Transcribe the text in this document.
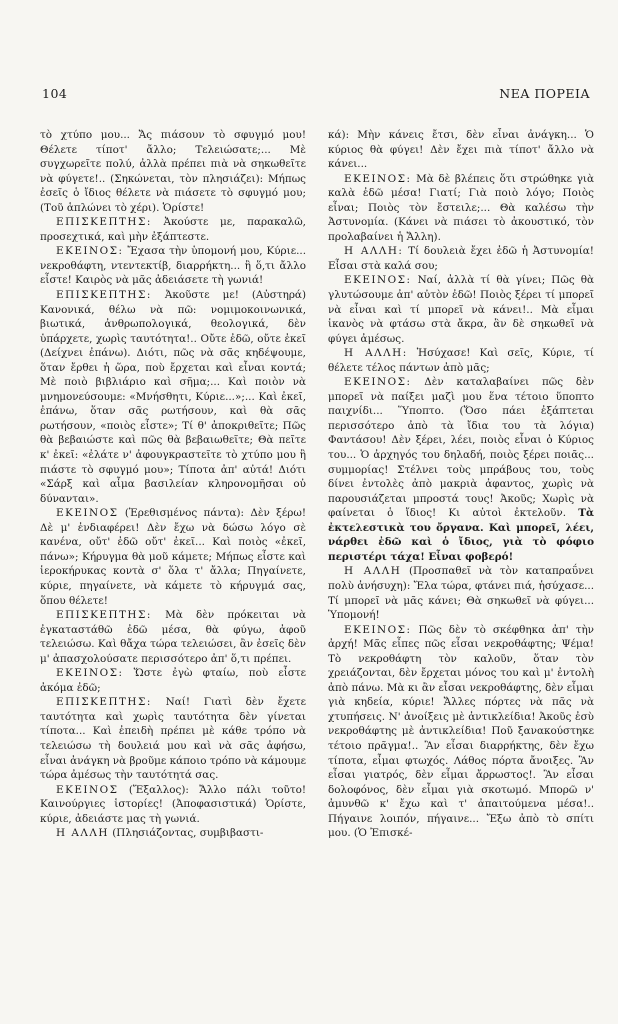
104	ΝΕΑ ΠΟΡΕΙΑ

τὸ χτύπο μου... Ἄς πιάσουν τὸ σφυγμό μου! Θέλετε τίποτ' ἄλλο; Τελειώσατε;... Μὲ συγχωρεῖτε πολύ, ἀλλὰ πρέπει πιὰ νὰ σηκωθεῖτε νὰ φύγετε!.. (Σηκώνεται, τὸν πλησιάζει): Μήπως ἐσεῖς ὁ ἴδιος θέλετε νὰ πιάσετε τὸ σφυγμό μου; (Τοῦ ἁπλώνει τὸ χέρι). Ὁρίστε!

ΕΠΙΣΚΕΠΤΗΣ: Ἀκούστε με, παρακαλῶ, προσεχτικά, καὶ μὴν ἐξάπτεστε.

ΕΚΕΙΝΟΣ: Ἔχασα τὴν ὑπομονή μου, Κύριε... νεκροθάφτη, ντεντεκτίβ, διαρρήκτη... ἢ ὅ,τι ἄλλο εἶστε! Καιρὸς νὰ μᾶς ἀδειάσετε τὴ γωνιά!

ΕΠΙΣΚΕΠΤΗΣ: Ἀκοῦστε με! (Αὐστηρά) Κανονικά, θέλω νὰ πῶ: νομιμοκοινωνικά, βιωτικά, ἀνθρωπολογικά, θεολογικά, δὲν ὑπάρχετε, χωρὶς ταυτότητα!.. Οὔτε ἐδῶ, οὔτε ἐκεῖ (Δείχνει ἐπάνω). Διότι, πῶς νὰ σᾶς κηδέψουμε, ὅταν ἔρθει ἡ ὥρα, ποὺ ἔρχεται καὶ εἶναι κοντά; Μὲ ποιὸ βιβλιάριο καὶ σῆμα;... Καὶ ποιὸν νὰ μνημονεύσουμε: «Μνήσθητι, Κύριε...»;... Καὶ ἐκεῖ, ἐπάνω, ὅταν σᾶς ρωτήσουν, καὶ θὰ σᾶς ρωτήσουν, «ποιὸς εἶστε»; Τί θ' ἀποκριθεῖτε; Πῶς θὰ βεβαιώστε καὶ πῶς θὰ βεβαιωθεῖτε; Θὰ πεῖτε κ' ἐκεῖ: «ἐλάτε ν' ἀφουγκραστεῖτε τὸ χτύπο μου ἢ πιάστε τὸ σφυγμό μου»; Τίποτα ἀπ' αὐτά! Διότι «Σάρξ καὶ αἷμα βασιλείαν κληρονομῆσαι οὐ δύνανται».

ΕΚΕΙΝΟΣ (Ἐρεθισμένος πάντα): Δὲν ξέρω! Δὲ μ' ἐνδιαφέρει! Δὲν ἔχω νὰ δώσω λόγο σὲ κανένα, οὔτ' ἐδῶ οὔτ' ἐκεῖ... Καὶ ποιὸς «ἐκεῖ, πάνω»; Κήρυγμα θὰ μοῦ κάμετε; Μήπως εἶστε καὶ ἱεροκήρυκας κοντὰ σ' ὅλα τ' ἄλλα; Πηγαίνετε, κύριε, πηγαίνετε, νὰ κάμετε τὸ κήρυγμά σας, ὅπου θέλετε!

ΕΠΙΣΚΕΠΤΗΣ: Μὰ δὲν πρόκειται νὰ ἐγκαταστάθῶ ἐδῶ μέσα, θὰ φύγω, ἀφοῦ τελειώσω. Καὶ θἄχα τώρα τελειώσει, ἂν ἐσεῖς δὲν μ' ἀπασχολούσατε περισσότερο ἀπ' ὅ,τι πρέπει.

ΕΚΕΙΝΟΣ: Ὥστε ἐγὼ φταίω, ποὺ εἶστε ἀκόμα ἐδῶ;

ΕΠΙΣΚΕΠΤΗΣ: Ναί! Γιατὶ δὲν ἔχετε ταυτότητα καὶ χωρὶς ταυτότητα δὲν γίνεται τίποτα... Καὶ ἐπειδὴ πρέπει μὲ κάθε τρόπο νὰ τελειώσω τὴ δουλειά μου καὶ νὰ σᾶς ἀφήσω, εἶναι ἀνάγκη νὰ βροῦμε κάποιο τρόπο νὰ κάμουμε τώρα ἀμέσως τὴν ταυτότητά σας.

ΕΚΕΙΝΟΣ (Ἔξαλλος): Ἄλλο πάλι τοῦτο! Καινούργιες ἱστορίες! (Ἀποφασιστικά) Ὁρίστε, κύριε, ἀδειάστε μας τὴ γωνιά.

Η ΑΛΛΗ (Πλησιάζοντας, συμβιβαστι-

κά): Μὴν κάνεις ἔτσι, δὲν εἶναι ἀνάγκη... Ὁ κύριος θὰ φύγει! Δὲν ἔχει πιὰ τίποτ' ἄλλο νὰ κάνει...

ΕΚΕΙΝΟΣ: Μὰ δὲ βλέπεις ὅτι στρώθηκε γιὰ καλὰ ἐδῶ μέσα! Γιατί; Γιὰ ποιὸ λόγο; Ποιὸς εἶναι; Ποιὸς τὸν ἔστειλε;... Θὰ καλέσω τὴν Ἀστυνομία. (Κάνει νὰ πιάσει τὸ ἀκουστικό, τὸν προλαβαίνει ἡ Ἄλλη).

Η ΑΛΛΗ: Τί δουλειὰ ἔχει ἐδῶ ἡ Ἀστυνομία! Εἶσαι στὰ καλά σου;

ΕΚΕΙΝΟΣ: Ναί, ἀλλὰ τί θὰ γίνει; Πῶς θὰ γλυτώσουμε ἀπ' αὐτὸν ἐδῶ! Ποιὸς ξέρει τί μπορεῖ νὰ εἶναι καὶ τί μπορεῖ νὰ κάνει!.. Μὰ εἶμαι ἱκανὸς νὰ φτάσω στὰ ἄκρα, ἂν δὲ σηκωθεῖ νὰ φύγει ἀμέσως.

Η ΑΛΛΗ: Ἡσύχασε! Καὶ σεῖς, Κύριε, τί θέλετε τέλος πάντων ἀπὸ μᾶς;

ΕΚΕΙΝΟΣ: Δὲν καταλαβαίνει πῶς δὲν μπορεῖ νὰ παίξει μαζὶ μου ἕνα τέτοιο ὕποπτο παιχνίδι... Ὕποπτο. (Ὅσο πάει ἐξάπτεται περισσότερο ἀπὸ τὰ ἴδια του τὰ λόγια) Φαντάσου! Δὲν ξέρει, λέει, ποιὸς εἶναι ὁ Κύριος του... Ὁ ἀρχηγός του δηλαδή, ποιὸς ξέρει ποιᾶς... συμμορίας! Στέλνει τοὺς μπράβους του, τοὺς δίνει ἐντολὲς ἀπὸ μακριὰ ἀφαντος, χωρὶς νὰ παρουσιάζεται μπροστά τους! Ἀκοῦς; Χωρὶς νὰ φαίνεται ὁ ἴδιος! Κι αὐτοὶ ἐκτελοῦν. Τὰ ἐκτελεστικὰ του ὄργανα. Καὶ μπορεῖ, λέει, νάρθει ἐδῶ καὶ ὁ ἴδιος, γιὰ τὸ φόφιο περιστέρι τάχα! Εἶναι φοβερό!

Η ΑΛΛΗ (Προσπαθεῖ νὰ τὸν καταπραΰνει πολὺ ἀνήσυχη): Ἔλα τώρα, φτάνει πιά, ἡσύχασε... Τί μπορεῖ νὰ μᾶς κάνει; Θὰ σηκωθεῖ νὰ φύγει... Ὑπομονή!

ΕΚΕΙΝΟΣ: Πῶς δὲν τὸ σκέφθηκα ἀπ' τὴν ἀρχή! Μᾶς εἶπες πῶς εἶσαι νεκροθάφτης; Ψέμα! Τὸ νεκροθάφτη τὸν καλοῦν, ὅταν τὸν χρειάζονται, δὲν ἔρχεται μόνος του καὶ μ' ἐντολὴ ἀπὸ πάνω. Μὰ κι ἂν εἶσαι νεκροθάφτης, δὲν εἶμαι γιὰ κηδεία, κύριε! Ἄλλες πόρτες νὰ πᾶς νὰ χτυπήσεις. Ν' ἀνοίξεις μὲ ἀντικλείδια! Ἀκοῦς ἐσὺ νεκροθάφτης μὲ ἀντικλείδια! Ποῦ ξανακούστηκε τέτοιο πρᾶγμα!.. Ἂν εἶσαι διαρρήκτης, δὲν ἔχω τίποτα, εἶμαι φτωχός. Λάθος πόρτα ἄνοιξες. Ἂν εἶσαι γιατρός, δὲν εἶμαι ἄρρωστος!. Ἂν εἶσαι δολοφόνος, δὲν εἶμαι γιὰ σκοτωμό. Μπορῶ ν' ἀμυνθῶ κ' ἔχω καὶ τ' ἀπαιτούμενα μέσα!.. Πήγαινε λοιπόν, πήγαινε... Ἔξω ἀπὸ τὸ σπίτι μου. (Ὁ Ἐπισκέ-
